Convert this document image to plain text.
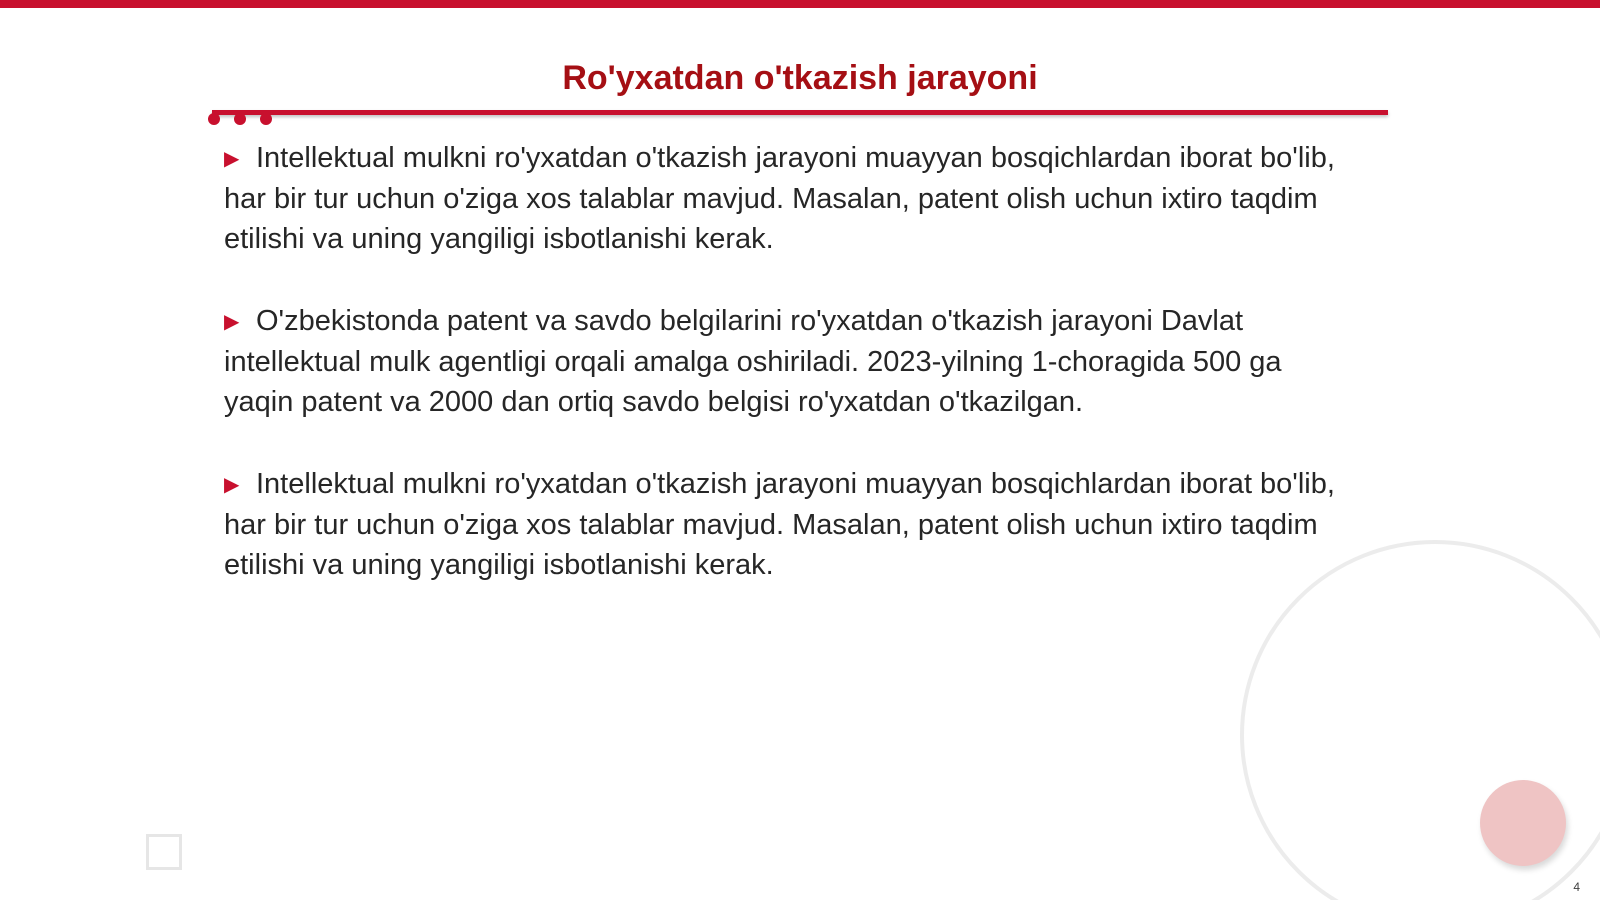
Ro'yxatdan o'tkazish jarayoni
▶ Intellektual mulkni ro'yxatdan o'tkazish jarayoni muayyan bosqichlardan iborat bo'lib, har bir tur uchun o'ziga xos talablar mavjud. Masalan, patent olish uchun ixtiro taqdim etilishi va uning yangiligi isbotlanishi kerak.
▶ O'zbekistonda patent va savdo belgilarini ro'yxatdan o'tkazish jarayoni Davlat intellektual mulk agentligi orqali amalga oshiriladi. 2023-yilning 1-choragida 500 ga yaqin patent va 2000 dan ortiq savdo belgisi ro'yxatdan o'tkazilgan.
▶ Intellektual mulkni ro'yxatdan o'tkazish jarayoni muayyan bosqichlardan iborat bo'lib, har bir tur uchun o'ziga xos talablar mavjud. Masalan, patent olish uchun ixtiro taqdim etilishi va uning yangiligi isbotlanishi kerak.
4
